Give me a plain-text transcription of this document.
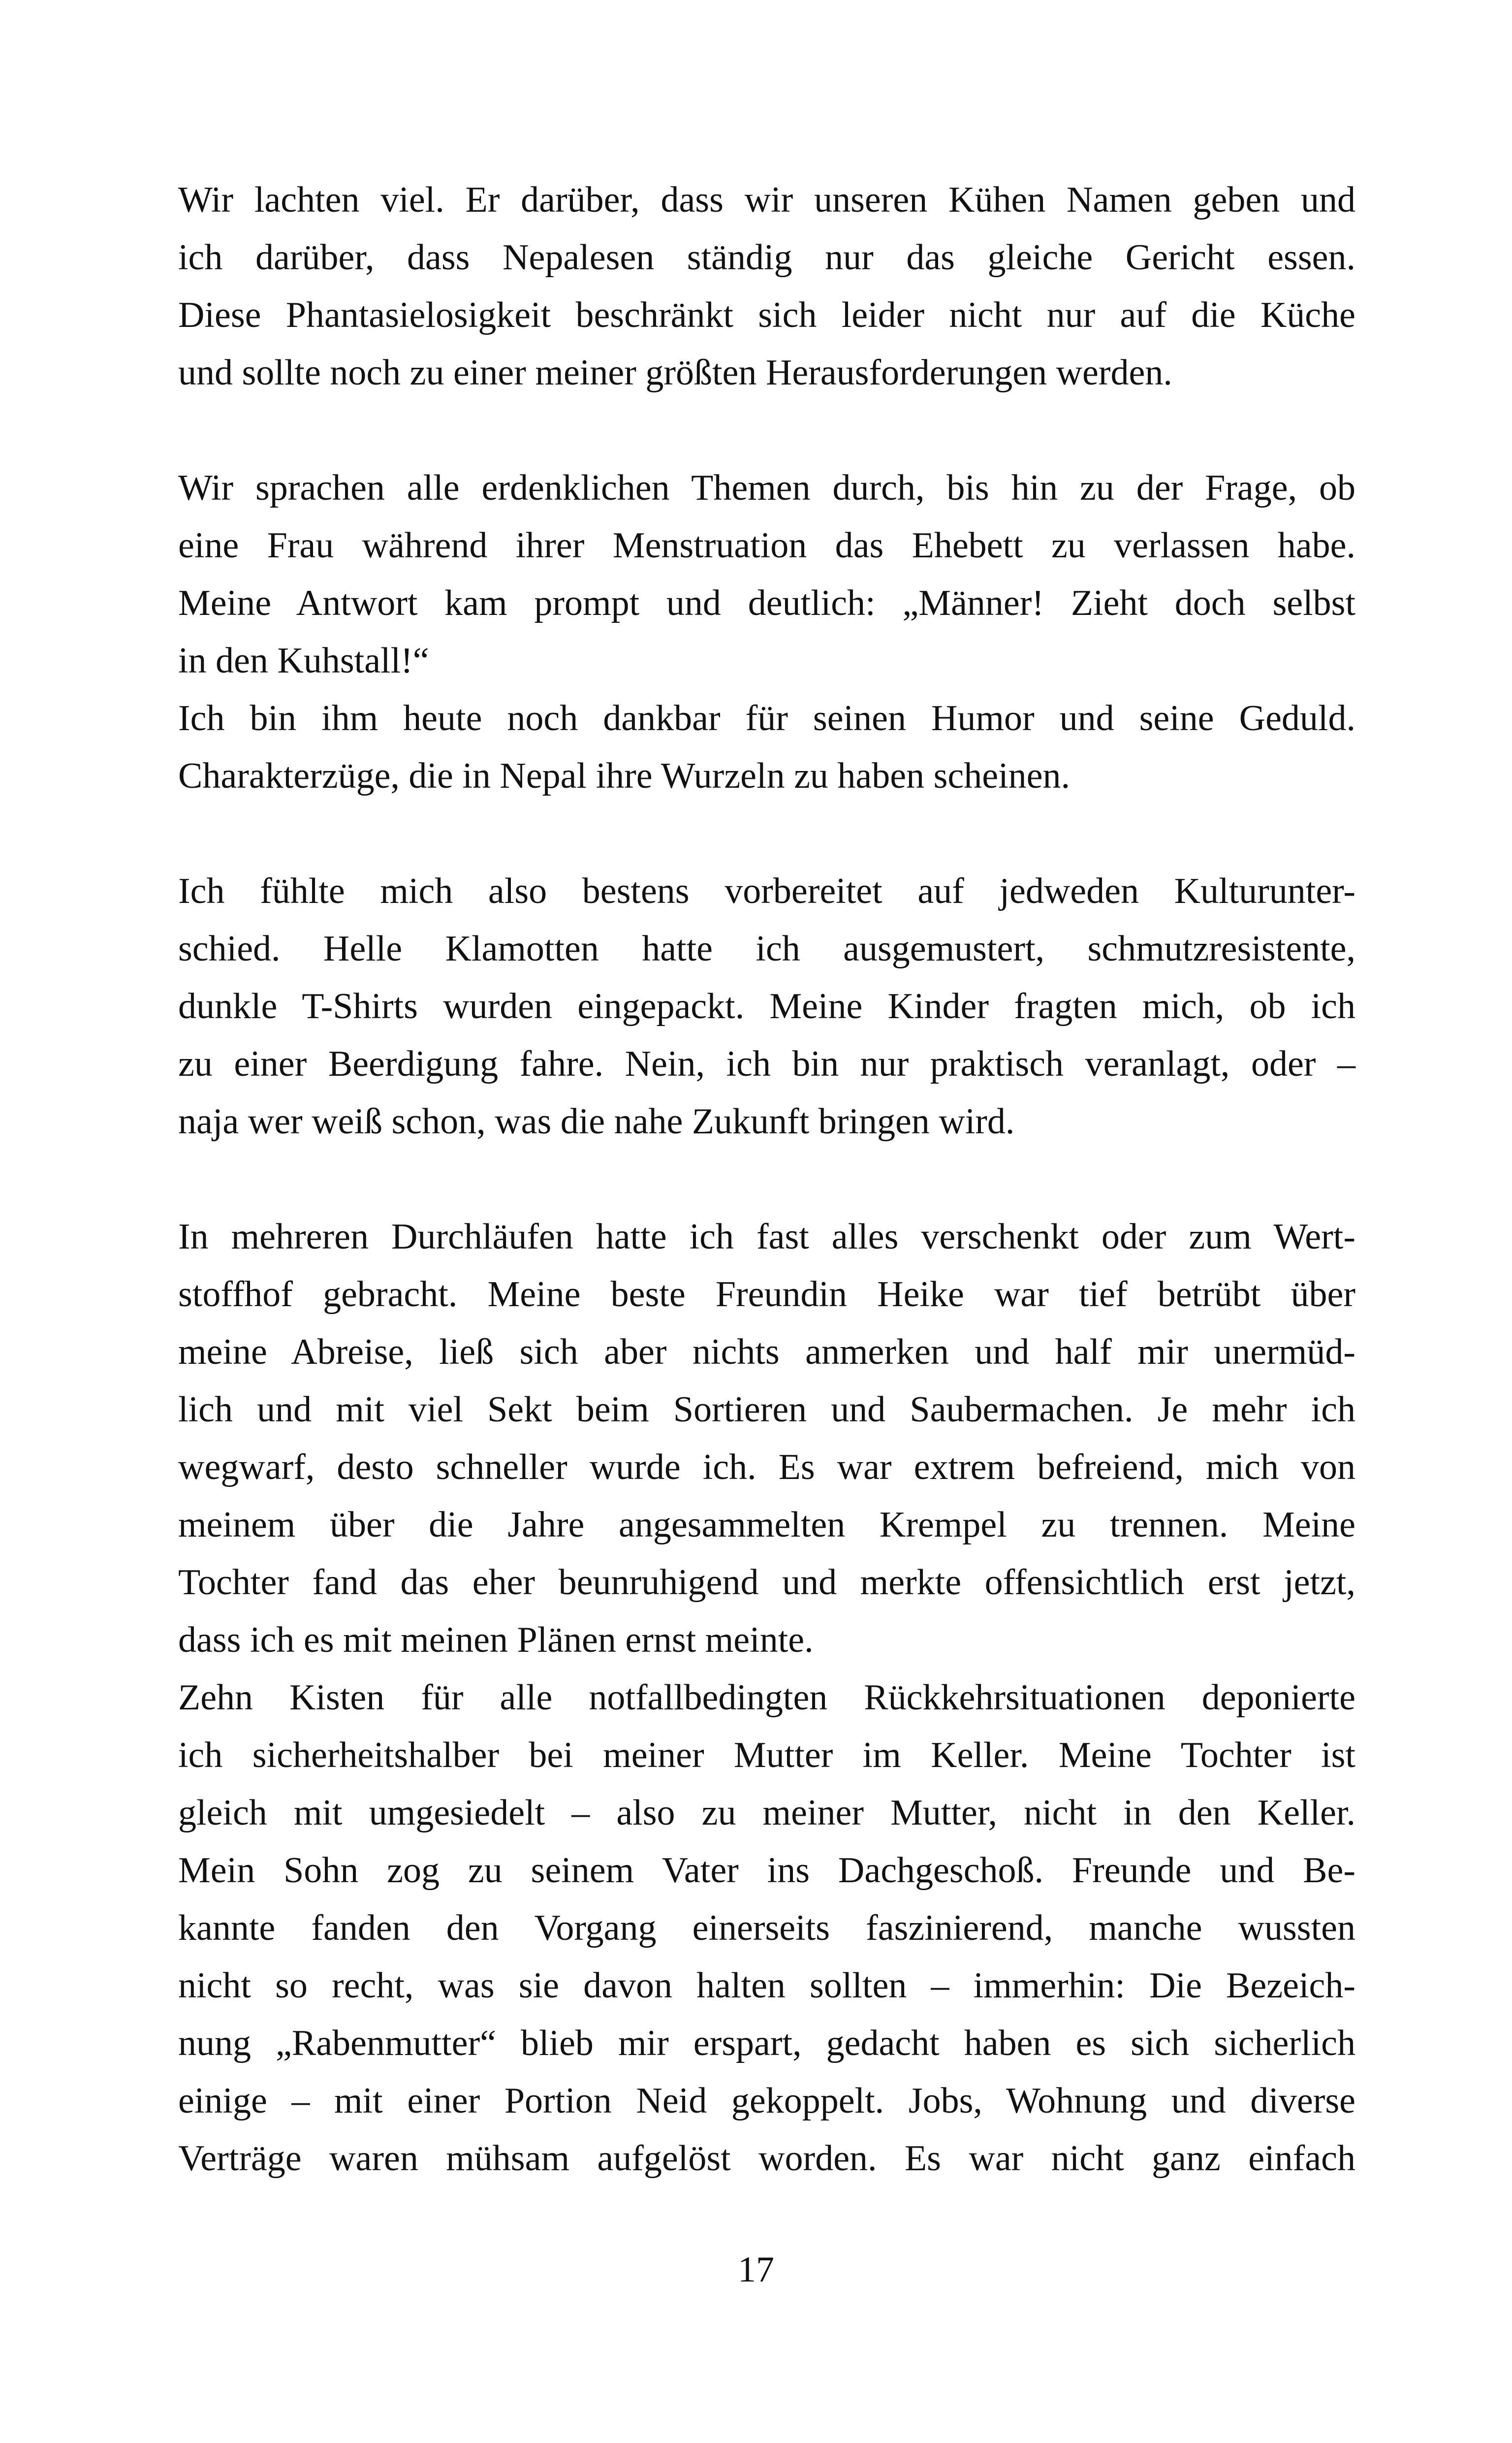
Wir lachten viel. Er darüber, dass wir unseren Kühen Namen geben und
ich darüber, dass Nepalesen ständig nur das gleiche Gericht essen.
Diese Phantasielosigkeit beschränkt sich leider nicht nur auf die Küche
und sollte noch zu einer meiner größten Herausforderungen werden.
Wir sprachen alle erdenklichen Themen durch, bis hin zu der Frage, ob
eine Frau während ihrer Menstruation das Ehebett zu verlassen habe.
Meine Antwort kam prompt und deutlich: „Männer! Zieht doch selbst
in den Kuhstall!“
Ich bin ihm heute noch dankbar für seinen Humor und seine Geduld.
Charakterzüge, die in Nepal ihre Wurzeln zu haben scheinen.
Ich fühlte mich also bestens vorbereitet auf jedweden Kulturunter-
schied. Helle Klamotten hatte ich ausgemustert, schmutzresistente,
dunkle T-Shirts wurden eingepackt. Meine Kinder fragten mich, ob ich
zu einer Beerdigung fahre. Nein, ich bin nur praktisch veranlagt, oder –
naja wer weiß schon, was die nahe Zukunft bringen wird.
In mehreren Durchläufen hatte ich fast alles verschenkt oder zum Wert-
stoffhof gebracht. Meine beste Freundin Heike war tief betrübt über
meine Abreise, ließ sich aber nichts anmerken und half mir unermüd-
lich und mit viel Sekt beim Sortieren und Saubermachen. Je mehr ich
wegwarf, desto schneller wurde ich. Es war extrem befreiend, mich von
meinem über die Jahre angesammelten Krempel zu trennen. Meine
Tochter fand das eher beunruhigend und merkte offensichtlich erst jetzt,
dass ich es mit meinen Plänen ernst meinte.
Zehn Kisten für alle notfallbedingten Rückkehrsituationen deponierte
ich sicherheitshalber bei meiner Mutter im Keller. Meine Tochter ist
gleich mit umgesiedelt – also zu meiner Mutter, nicht in den Keller.
Mein Sohn zog zu seinem Vater ins Dachgeschoß. Freunde und Be-
kannte fanden den Vorgang einerseits faszinierend, manche wussten
nicht so recht, was sie davon halten sollten – immerhin: Die Bezeich-
nung „Rabenmutter“ blieb mir erspart, gedacht haben es sich sicherlich
einige – mit einer Portion Neid gekoppelt. Jobs, Wohnung und diverse
Verträge waren mühsam aufgelöst worden. Es war nicht ganz einfach
17
